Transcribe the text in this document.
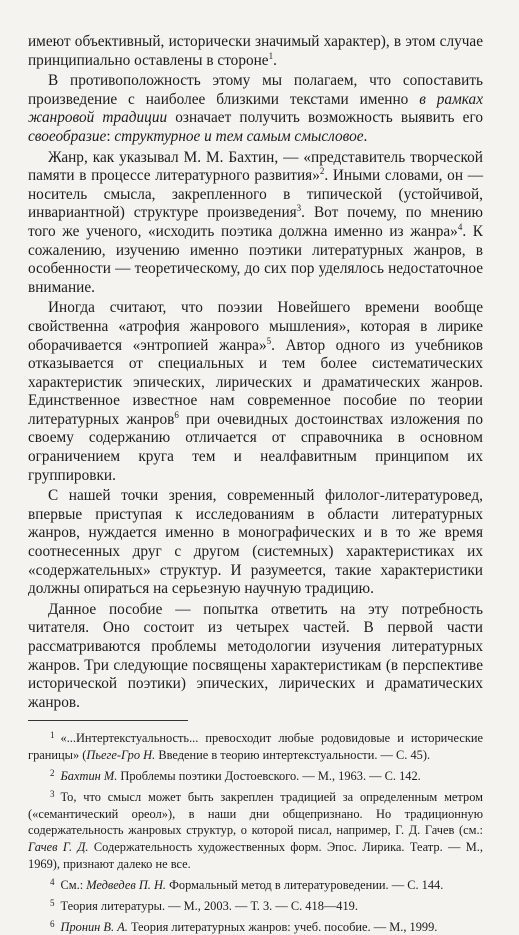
имеют объективный, исторически значимый характер), в этом случае принципиально оставлены в стороне$^1$.

В противоположность этому мы полагаем, что сопоставить произведение с наиболее близкими текстами именно в рамках жанровой традиции означает получить возможность выявить его своеобразие: структурное и тем самым смысловое.

Жанр, как указывал М. М. Бахтин, — «представитель творческой памяти в процессе литературного развития»$^2$. Иными словами, он — носитель смысла, закрепленного в типической (устойчивой, инвариантной) структуре произведения$^3$. Вот почему, по мнению того же ученого, «исходить поэтика должна именно из жанра»$^4$. К сожалению, изучению именно поэтики литературных жанров, в особенности — теоретическому, до сих пор уделялось недостаточное внимание.

Иногда считают, что поэзии Новейшего времени вообще свойственна «атрофия жанрового мышления», которая в лирике оборачивается «энтропией жанра»$^5$. Автор одного из учебников отказывается от специальных и тем более систематических характеристик эпических, лирических и драматических жанров. Единственное известное нам современное пособие по теории литературных жанров$^6$ при очевидных достоинствах изложения по своему содержанию отличается от справочника в основном ограничением круга тем и неалфавитным принципом их группировки.

С нашей точки зрения, современный филолог-литературовед, впервые приступая к исследованиям в области литературных жанров, нуждается именно в монографических и в то же время соотнесенных друг с другом (системных) характеристиках их «содержательных» структур. И разумеется, такие характеристики должны опираться на серьезную научную традицию.

Данное пособие — попытка ответить на эту потребность читателя. Оно состоит из четырех частей. В первой части рассматриваются проблемы методологии изучения литературных жанров. Три следующие посвящены характеристикам (в перспективе исторической поэтики) эпических, лирических и драматических жанров.

$^1$ «...Интертекстуальность... превосходит любые родовидовые и исторические границы» (Пьеге-Гро Н. Введение в теорию интертекстуальности. — С. 45).

$^2$ Бахтин М. Проблемы поэтики Достоевского. — М., 1963. — С. 142.

$^3$ То, что смысл может быть закреплен традицией за определенным метром («семантический ореол»), в наши дни общепризнано. Но традиционную содержательность жанровых структур, о которой писал, например, Г. Д. Гачев (см.: Гачев Г. Д. Содержательность художественных форм. Эпос. Лирика. Театр. — М., 1969), признают далеко не все.

$^4$ См.: Медведев П. Н. Формальный метод в литературоведении. — С. 144.

$^5$ Теория литературы. — М., 2003. — Т. 3. — С. 418—419.

$^6$ Пронин В. А. Теория литературных жанров: учеб. пособие. — М., 1999.
